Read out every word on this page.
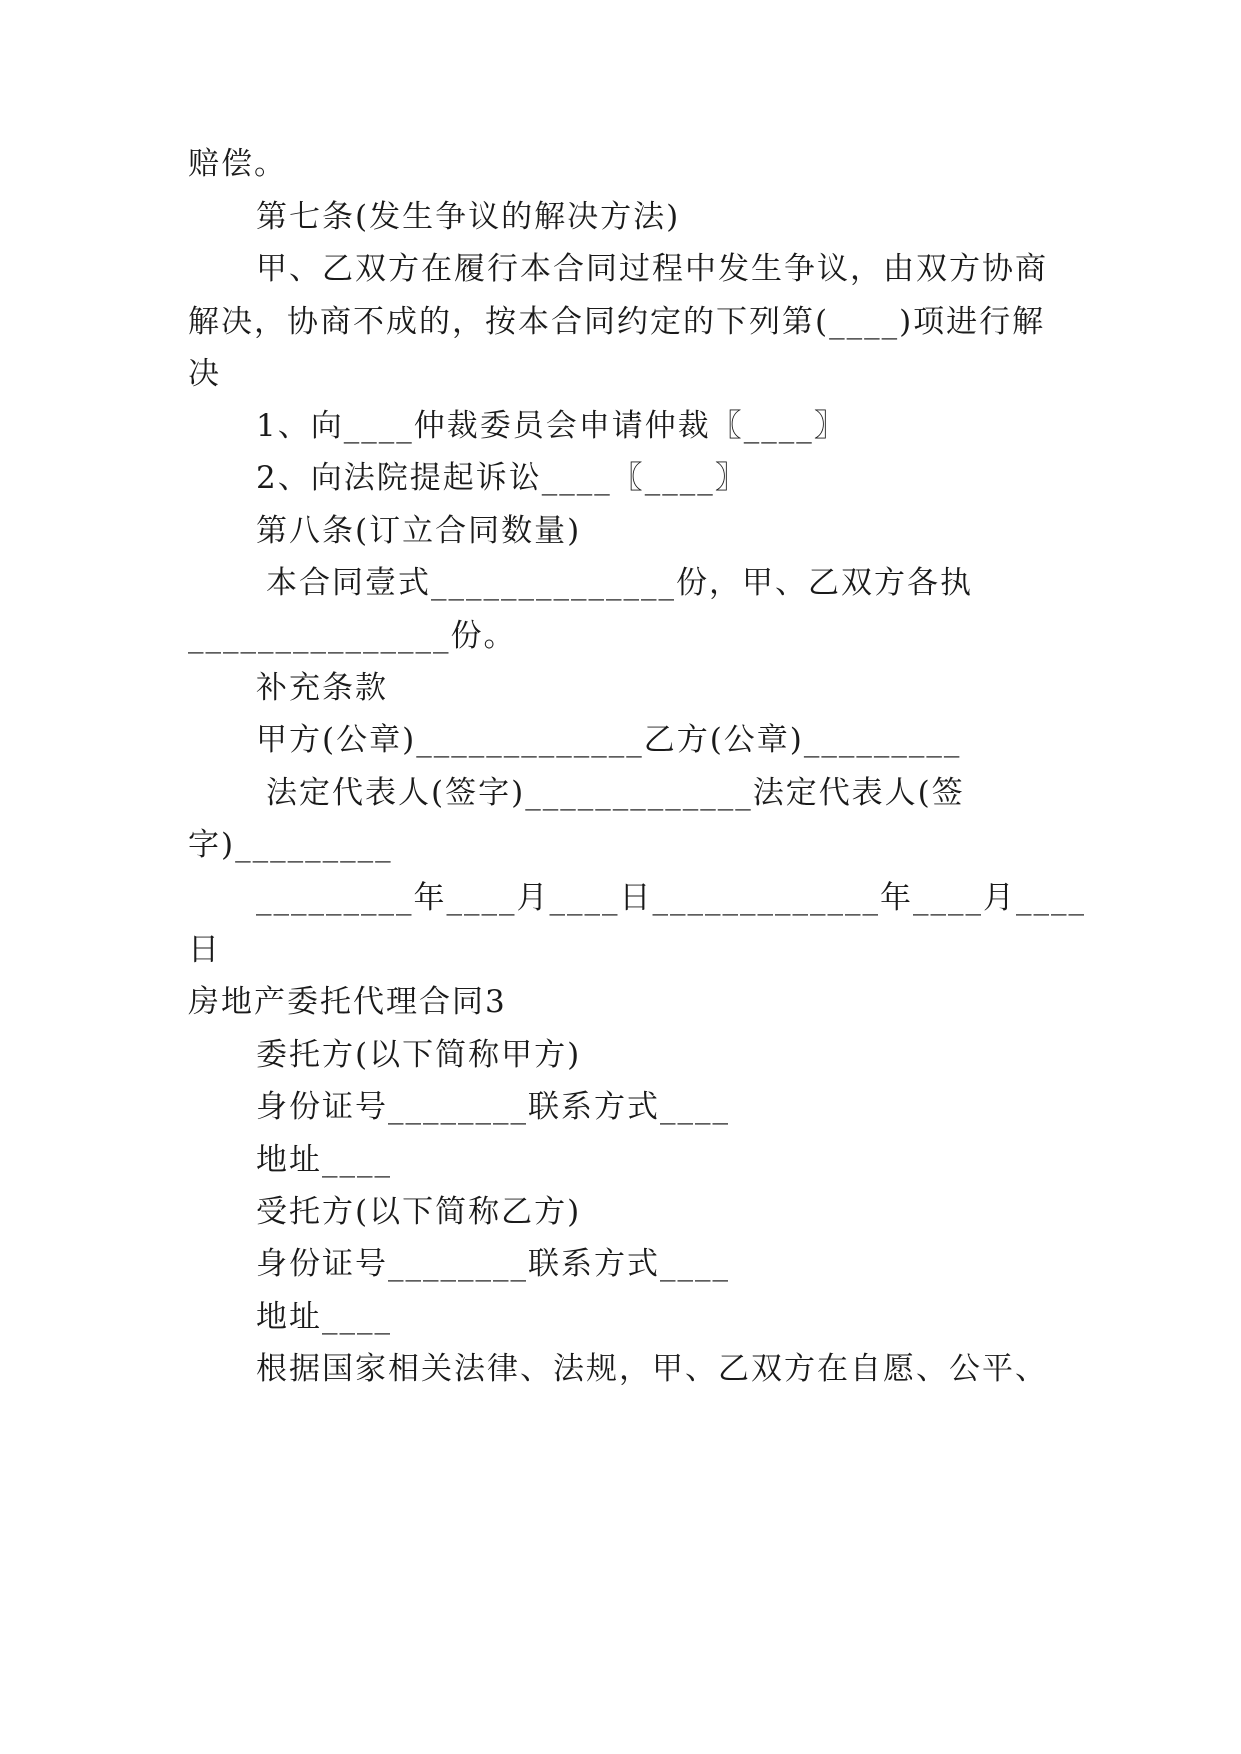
赔偿。
第七条(发生争议的解决方法)
甲、乙双方在履行本合同过程中发生争议，由双方协商
解决，协商不成的，按本合同约定的下列第(____)项进行解
决
1、向____仲裁委员会申请仲裁〖____〗
2、向法院提起诉讼____〖____〗
第八条(订立合同数量)
本合同壹式______________份，甲、乙双方各执
_______________份。
补充条款
甲方(公章)_____________乙方(公章)_________
法定代表人(签字)_____________法定代表人(签
字)_________
_________年____月____日_____________年____月____
日
房地产委托代理合同3
委托方(以下简称甲方)
身份证号________联系方式____
地址____
受托方(以下简称乙方)
身份证号________联系方式____
地址____
根据国家相关法律、法规，甲、乙双方在自愿、公平、
